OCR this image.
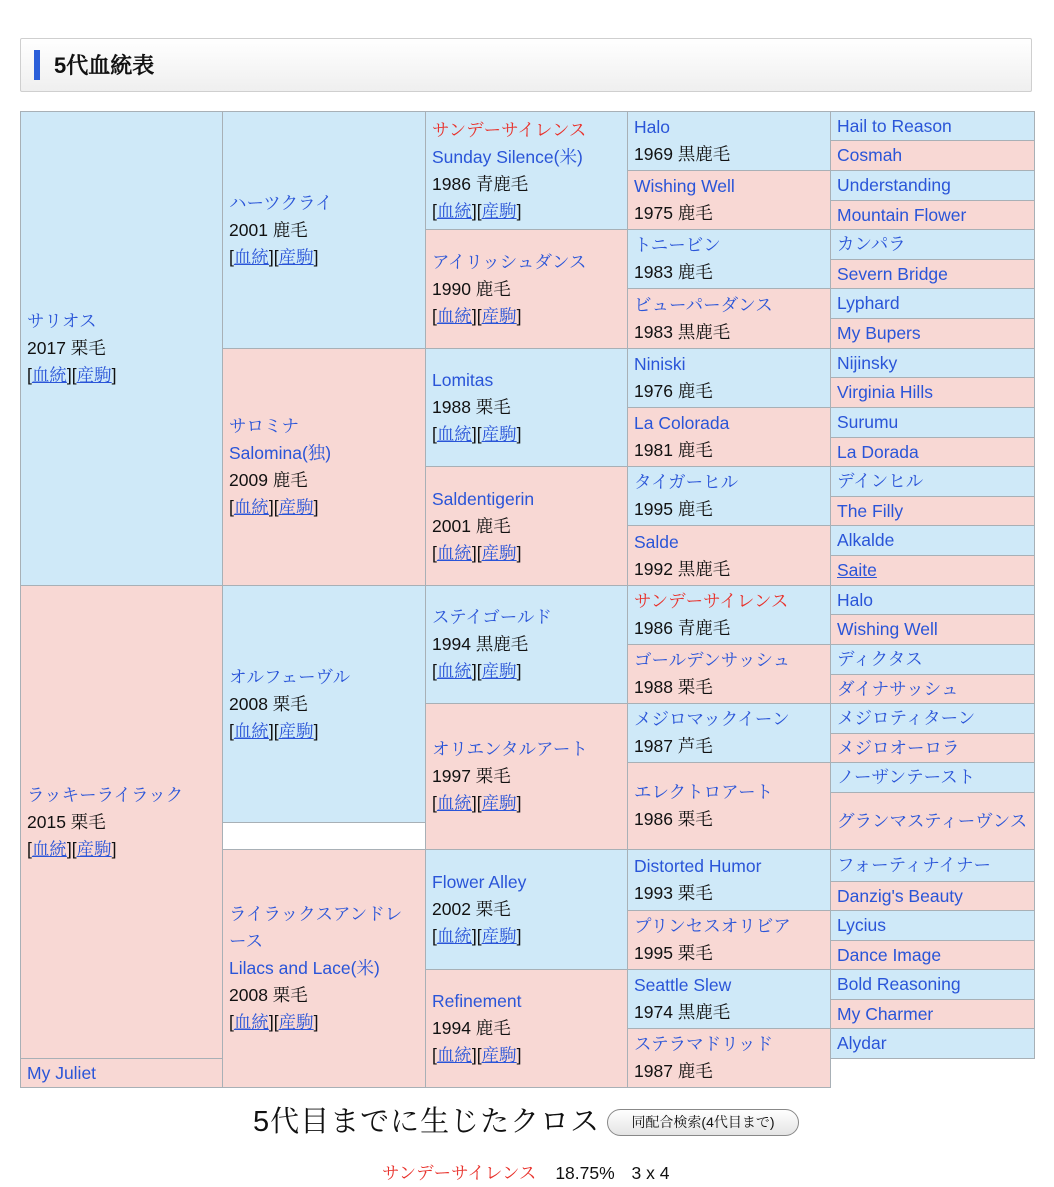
5代血統表
サリオス
2017 栗毛
[血統][産駒]	ハーツクライ
2001 鹿毛
[血統][産駒]	サンデーサイレンス
Sunday Silence(米)
1986 青鹿毛
[血統][産駒]	Halo
1969 黒鹿毛	Hail to Reason

				Cosmah

			Wishing Well
1975 鹿毛	Understanding

				Mountain Flower

		アイリッシュダンス
1990 鹿毛
[血統][産駒]	トニービン
1983 鹿毛	カンパラ

				Severn Bridge

			ビューパーダンス
1983 黒鹿毛	Lyphard

				My Bupers

	サロミナ
Salomina(独)
2009 鹿毛
[血統][産駒]	Lomitas
1988 栗毛
[血統][産駒]	Niniski
1976 鹿毛	Nijinsky

				Virginia Hills

			La Colorada
1981 鹿毛	Surumu

				La Dorada

		Saldentigerin
2001 鹿毛
[血統][産駒]	タイガーヒル
1995 鹿毛	デインヒル

				The Filly

			Salde
1992 黒鹿毛	Alkalde

				Saite

ラッキーライラック
2015 栗毛
[血統][産駒]	オルフェーヴル
2008 栗毛
[血統][産駒]	ステイゴールド
1994 黒鹿毛
[血統][産駒]	サンデーサイレンス
1986 青鹿毛	Halo

				Wishing Well

			ゴールデンサッシュ
1988 栗毛	ディクタス

				ダイナサッシュ

		オリエンタルアート
1997 栗毛
[血統][産駒]	メジロマックイーン
1987 芦毛	メジロティターン

				メジロオーロラ

			エレクトロアート
1986 栗毛	ノーザンテースト

				グランマスティーヴンス

	ライラックスアンドレース
Lilacs and Lace(米)
2008 栗毛
[血統][産駒]	Flower Alley
2002 栗毛
[血統][産駒]	Distorted Humor
1993 栗毛	フォーティナイナー

				Danzig's Beauty

			プリンセスオリビア
1995 栗毛	Lycius

				Dance Image

		Refinement
1994 鹿毛
[血統][産駒]	Seattle Slew
1974 黒鹿毛	Bold Reasoning

				My Charmer

			ステラマドリッド
1987 鹿毛	Alydar

My Juliet				
5代目までに生じたクロス	同配合検索(4代目まで)
サンデーサイレンス 18.75% 3 x 4
